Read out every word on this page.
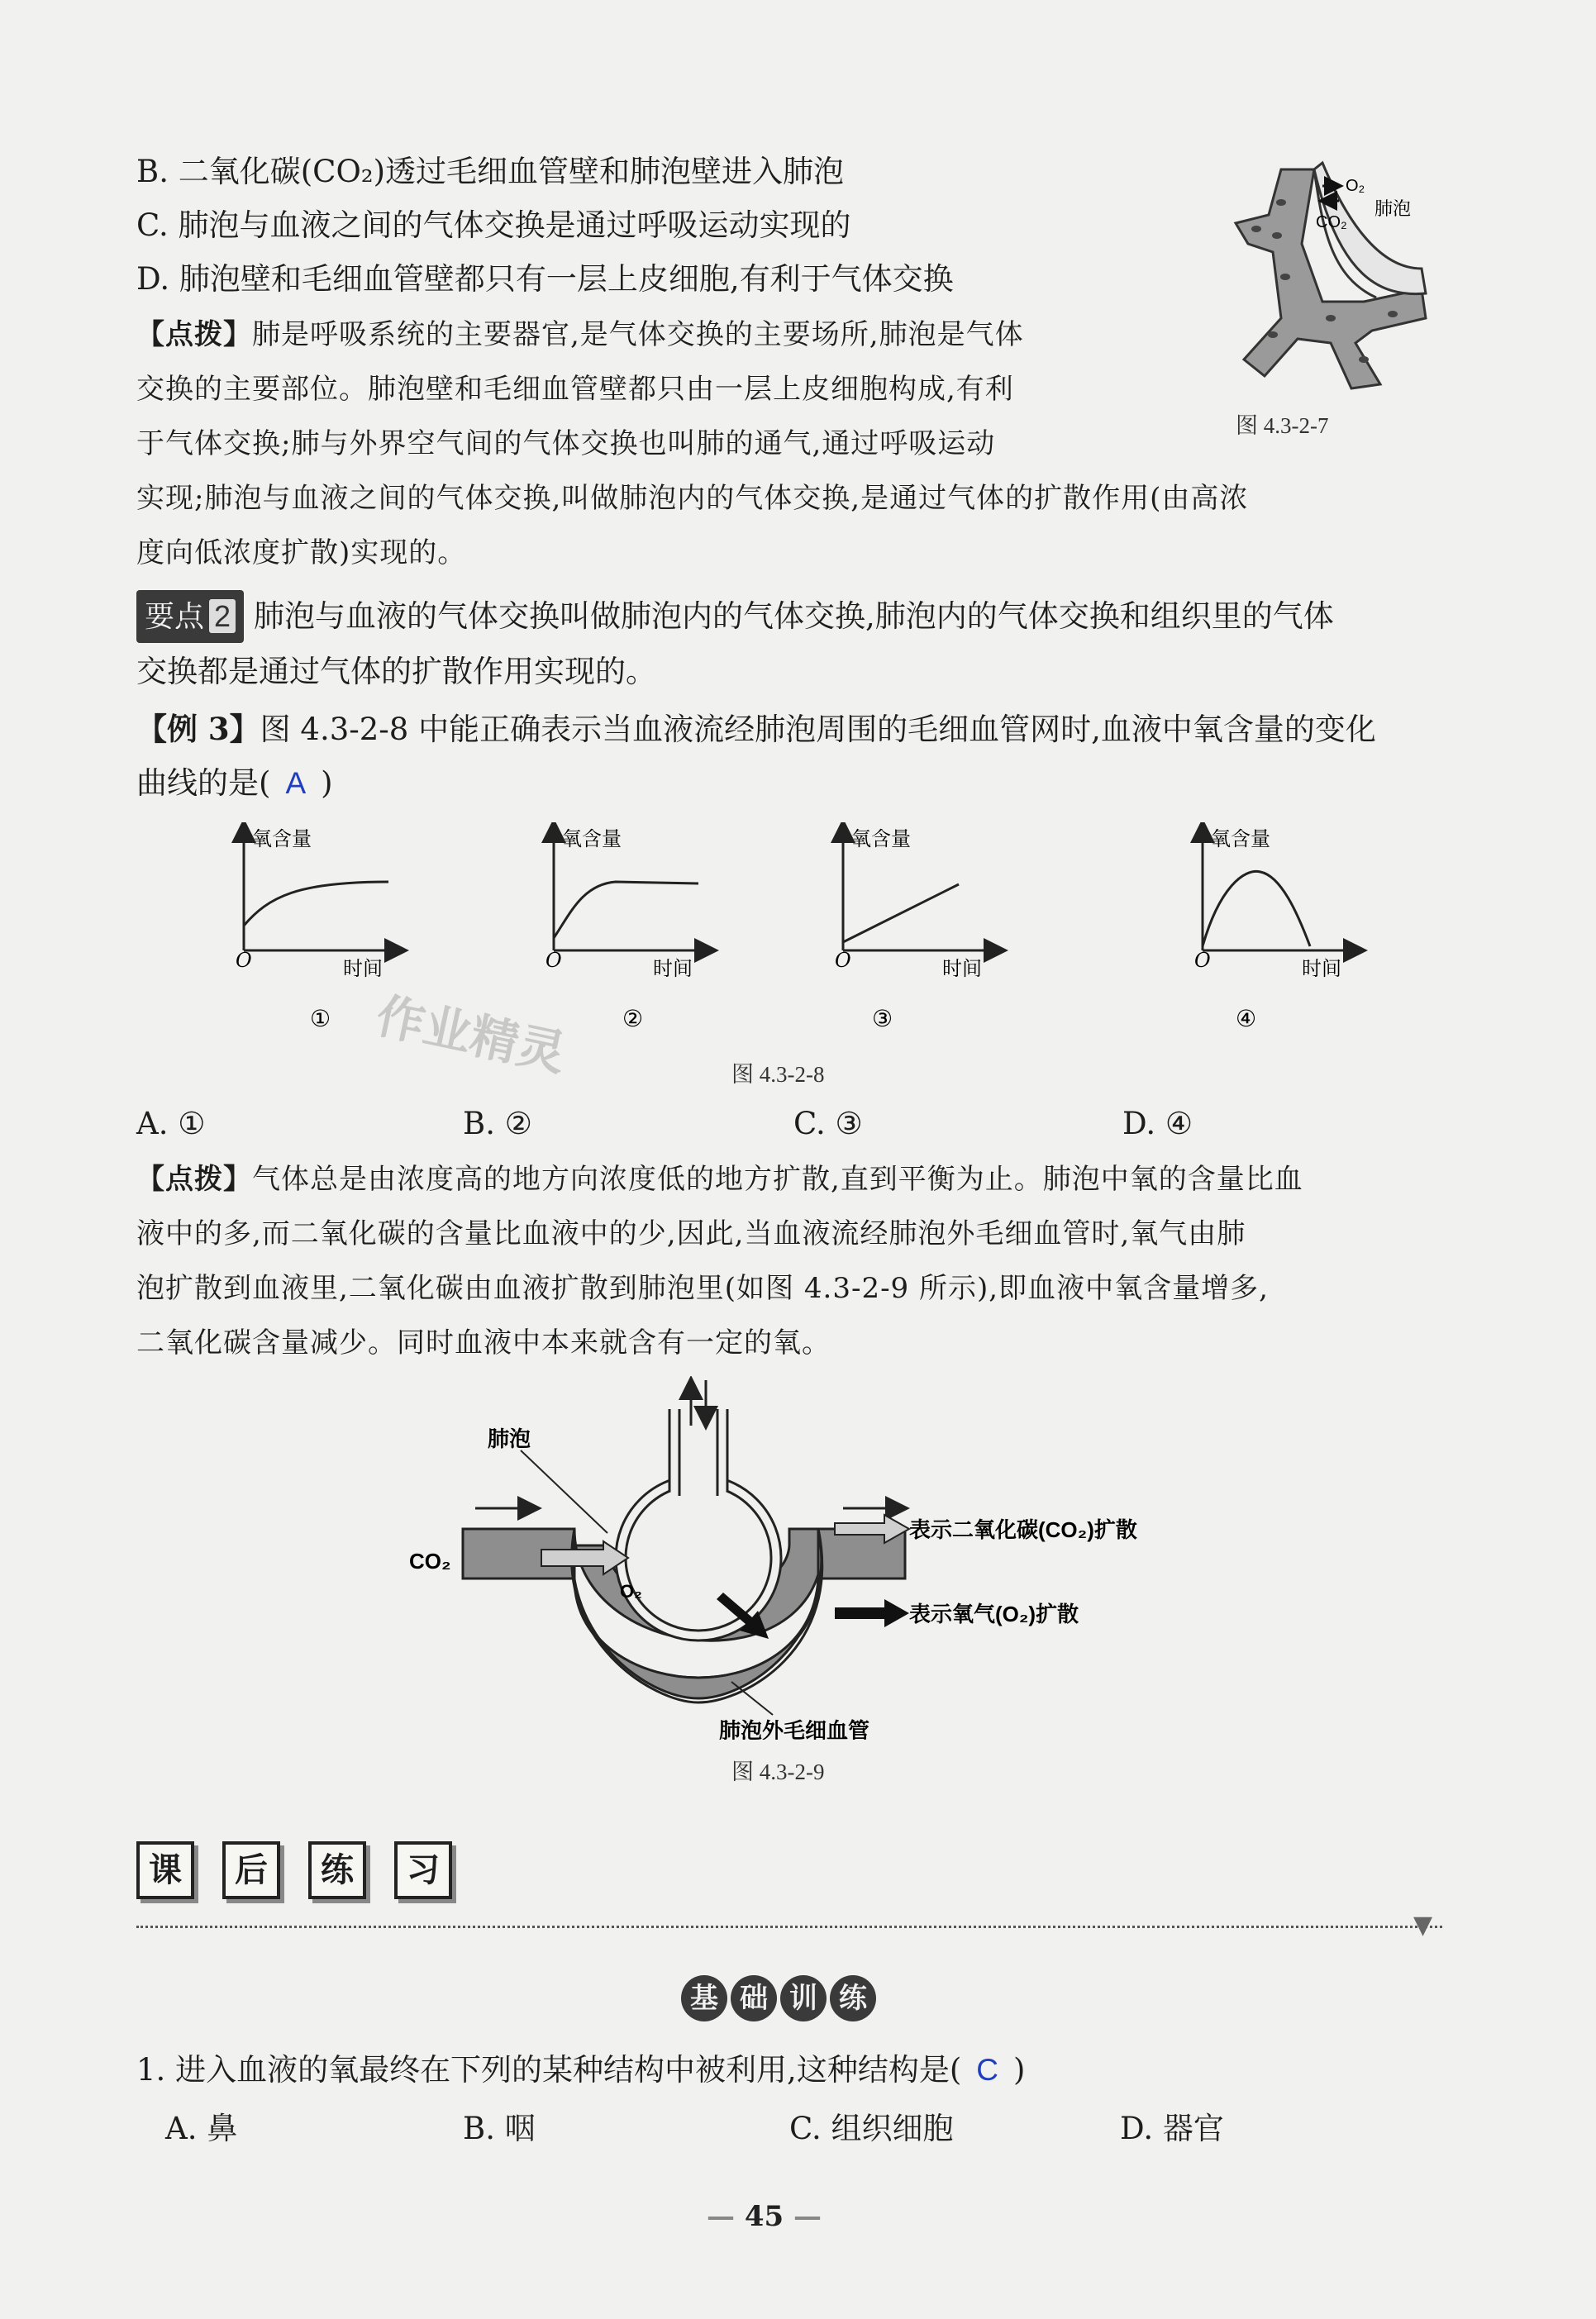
B. 二氧化碳(CO₂)透过毛细血管壁和肺泡壁进入肺泡
C. 肺泡与血液之间的气体交换是通过呼吸运动实现的
D. 肺泡壁和毛细血管壁都只有一层上皮细胞,有利于气体交换
【点拨】肺是呼吸系统的主要器官,是气体交换的主要场所,肺泡是气体
交换的主要部位。肺泡壁和毛细血管壁都只由一层上皮细胞构成,有利
于气体交换;肺与外界空气间的气体交换也叫肺的通气,通过呼吸运动
实现;肺泡与血液之间的气体交换,叫做肺泡内的气体交换,是通过气体的扩散作用(由高浓
度向低浓度扩散)实现的。
O₂
CO₂
肺泡
图 4.3-2-7
要点 2 肺泡与血液的气体交换叫做肺泡内的气体交换,肺泡内的气体交换和组织里的气体
交换都是通过气体的扩散作用实现的。
【例 3】图 4.3-2-8 中能正确表示当血液流经肺泡周围的毛细血管网时,血液中氧含量的变化
曲线的是( A )
氧含量
时间
O
①
氧含量
时间
O
②
氧含量
时间
O
③
氧含量
时间
O
④
图 4.3-2-8
作业精灵
A. ①	B. ②	C. ③	D. ④
【点拨】气体总是由浓度高的地方向浓度低的地方扩散,直到平衡为止。肺泡中氧的含量比血
液中的多,而二氧化碳的含量比血液中的少,因此,当血液流经肺泡外毛细血管时,氧气由肺
泡扩散到血液里,二氧化碳由血液扩散到肺泡里(如图 4.3-2-9 所示),即血液中氧含量增多,
二氧化碳含量减少。同时血液中本来就含有一定的氧。
肺泡
CO₂
O₂
肺泡外毛细血管
表示二氧化碳(CO₂)扩散
表示氧气(O₂)扩散
图 4.3-2-9
课 后 练 习
▼
基 础 训 练
1. 进入血液的氧最终在下列的某种结构中被利用,这种结构是( C )
A. 鼻	B. 咽	C. 组织细胞	D. 器官
— 45 —
